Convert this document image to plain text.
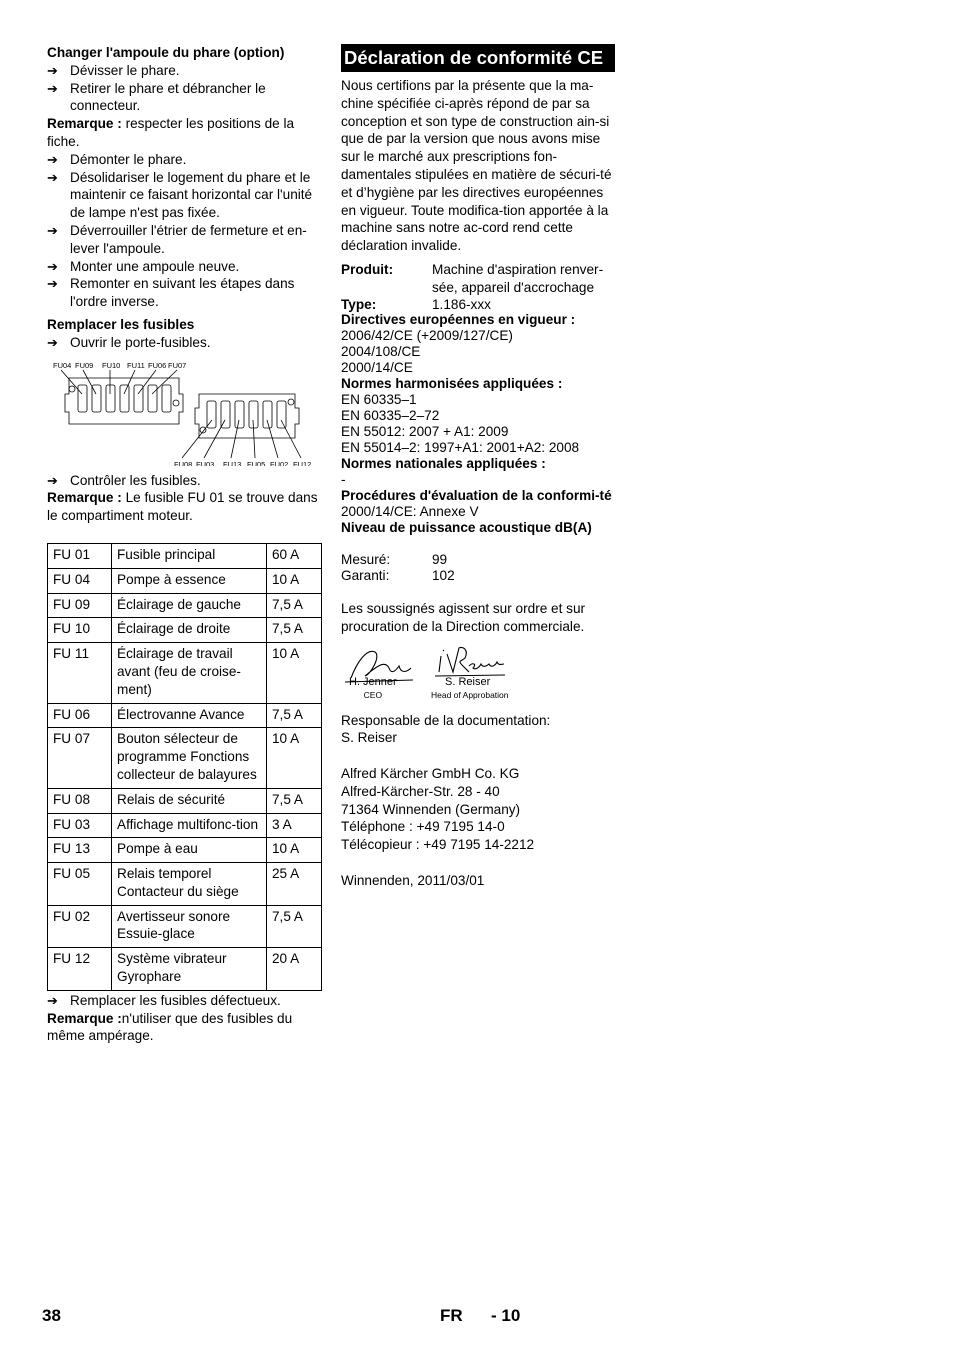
Changer l'ampoule du phare (option)

➔ Dévisser le phare.

➔ Retirer le phare et débrancher le connecteur.

Remarque : respecter les positions de la fiche.

➔ Démonter le phare.

➔ Désolidariser le logement du phare et le maintenir ce faisant horizontal car l'unité de lampe n'est pas fixée.

➔ Déverrouiller l'étrier de fermeture et en-lever l'ampoule.

➔ Monter une ampoule neuve.

➔ Remonter en suivant les étapes dans l'ordre inverse.

Remplacer les fusibles

➔ Ouvrir le porte-fusibles.

FU04 FU09 FU10 FU11 FU06 FU07
FU08 FU03 FU13 FU05 FU02 FU12

➔ Contrôler les fusibles.

Remarque : Le fusible FU 01 se trouve dans le compartiment moteur.

FU 01	Fusible principal	60 A
FU 04	Pompe à essence	10 A
FU 09	Éclairage de gauche	7,5 A
FU 10	Éclairage de droite	7,5 A
FU 11	Éclairage de travail avant (feu de croise-ment)	10 A
FU 06	Électrovanne Avance	7,5 A
FU 07	Bouton sélecteur de programme Fonctions collecteur de balayures	10 A
FU 08	Relais de sécurité	7,5 A
FU 03	Affichage multifonc-tion	3 A
FU 13	Pompe à eau	10 A
FU 05	Relais temporel Contacteur du siège	25 A
FU 02	Avertisseur sonore Essuie-glace	7,5 A
FU 12	Système vibrateur Gyrophare	20 A

➔ Remplacer les fusibles défectueux.

Remarque :n'utiliser que des fusibles du même ampérage.

Déclaration de conformité CE

Nous certifions par la présente que la ma-chine spécifiée ci-après répond de par sa conception et son type de construction ain-si que de par la version que nous avons mise sur le marché aux prescriptions fon-damentales stipulées en matière de sécuri-té et d’hygiène par les directives européennes en vigueur. Toute modifica-tion apportée à la machine sans notre ac-cord rend cette déclaration invalide.

Produit:	Machine d'aspiration renver-sée, appareil d'accrochage
Type:	1.186-xxx

Directives européennes en vigueur :

2006/42/CE (+2009/127/CE)

2004/108/CE

2000/14/CE

Normes harmonisées appliquées :

EN 60335–1

EN 60335–2–72

EN 55012: 2007 + A1: 2009

EN 55014–2: 1997+A1: 2001+A2: 2008

Normes nationales appliquées :

-

Procédures d'évaluation de la conformi-té

2000/14/CE: Annexe V

Niveau de puissance acoustique dB(A)

Mesuré:	99
Garanti:	102

Les soussignés agissent sur ordre et sur procuration de la Direction commerciale.

H. Jenner
CEO
S. Reiser
Head of Approbation

Responsable de la documentation:

S. Reiser

Alfred Kärcher GmbH Co. KG

Alfred-Kärcher-Str. 28 - 40

71364 Winnenden (Germany)

Téléphone : +49 7195 14-0

Télécopieur : +49 7195 14-2212

Winnenden, 2011/03/01

38	FR - 10
